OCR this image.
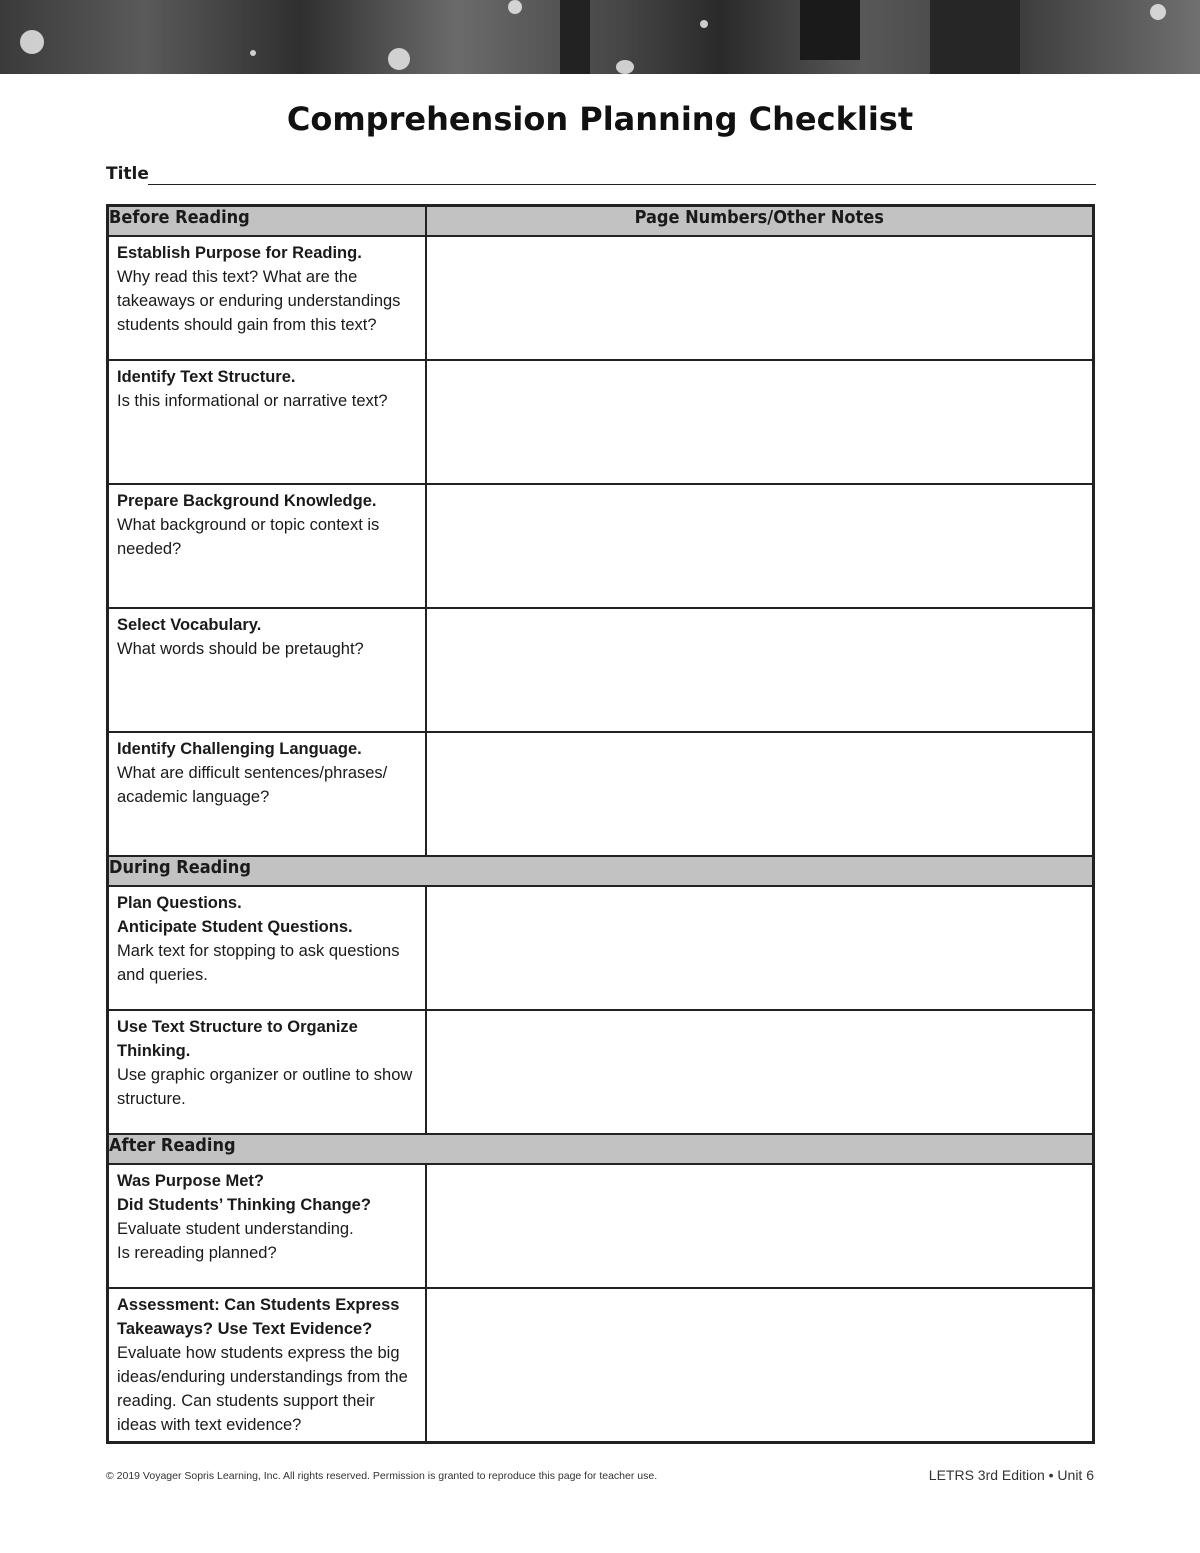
Comprehension Planning Checklist
Title
Before Reading	Page Numbers/Other Notes

Establish Purpose for Reading.
Why read this text? What are the takeaways or enduring understandings students should gain from this text?	

Identify Text Structure.
Is this informational or narrative text?	

Prepare Background Knowledge.
What background or topic context is needed?	

Select Vocabulary.
What words should be pretaught?	

Identify Challenging Language.
What are difficult sentences/phrases/ academic language?	

During Reading	

Plan Questions.
Anticipate Student Questions.
Mark text for stopping to ask questions and queries.	

Use Text Structure to Organize Thinking.
Use graphic organizer or outline to show structure.	

After Reading	

Was Purpose Met?
Did Students’ Thinking Change?
Evaluate student understanding.
Is rereading planned?	

Assessment: Can Students Express Takeaways? Use Text Evidence?
Evaluate how students express the big ideas/enduring understandings from the reading. Can students support their ideas with text evidence?	

© 2019 Voyager Sopris Learning, Inc. All rights reserved. Permission is granted to reproduce this page for teacher use.	LETRS 3rd Edition • Unit 6
